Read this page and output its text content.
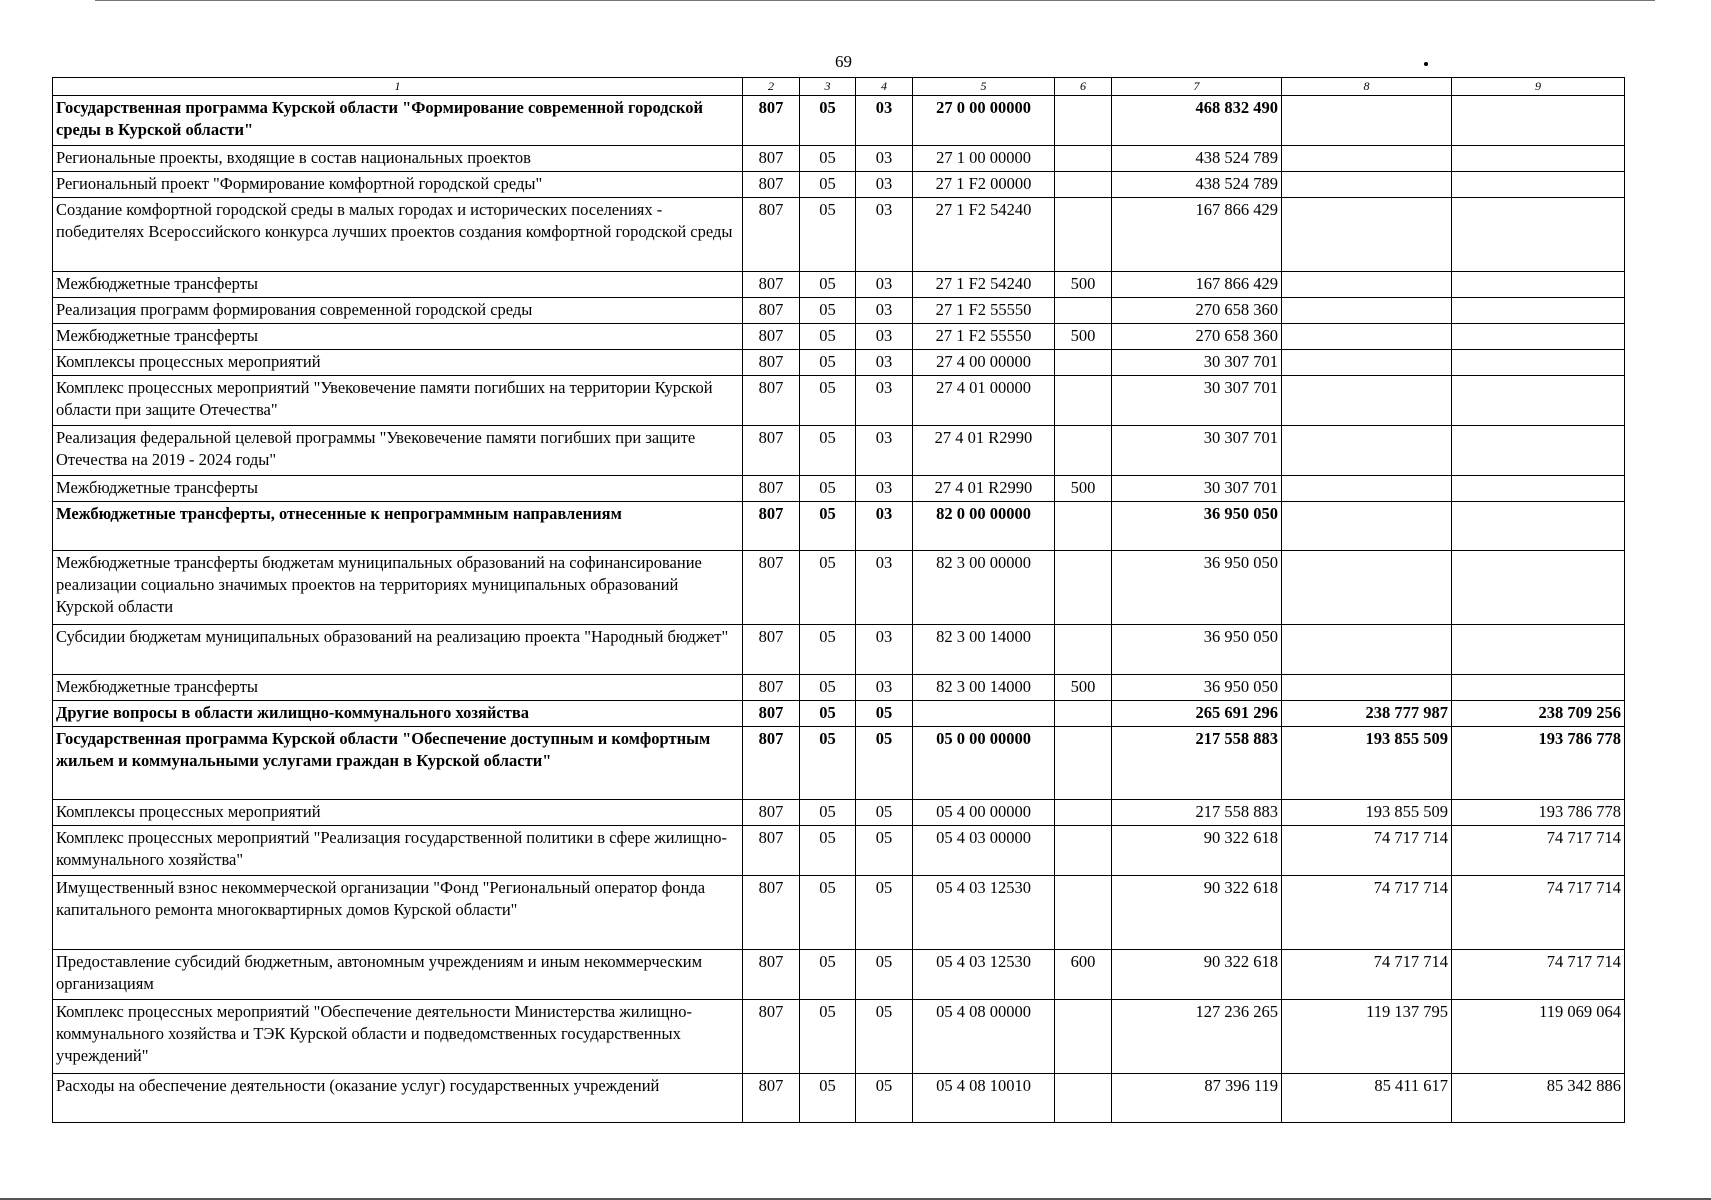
69
1	2	3	4	5	6	7	8	9
Государственная программа Курской области "Формирование современной городской среды в Курской области"	807	05	03	27 0 00 00000		468 832 490		
Региональные проекты, входящие в состав национальных проектов	807	05	03	27 1 00 00000		438 524 789		
Региональный проект "Формирование комфортной городской среды"	807	05	03	27 1 F2 00000		438 524 789		
Создание комфортной городской среды в малых городах и исторических поселениях - победителях Всероссийского конкурса лучших проектов создания комфортной городской среды	807	05	03	27 1 F2 54240		167 866 429		
Межбюджетные трансферты	807	05	03	27 1 F2 54240	500	167 866 429		
Реализация программ формирования современной городской среды	807	05	03	27 1 F2 55550		270 658 360		
Межбюджетные трансферты	807	05	03	27 1 F2 55550	500	270 658 360		
Комплексы процессных мероприятий	807	05	03	27 4 00 00000		30 307 701		
Комплекс процессных мероприятий "Увековечение памяти погибших на территории Курской области при защите Отечества"	807	05	03	27 4 01 00000		30 307 701		
Реализация федеральной целевой программы "Увековечение памяти погибших при защите Отечества на 2019 - 2024 годы"	807	05	03	27 4 01 R2990		30 307 701		
Межбюджетные трансферты	807	05	03	27 4 01 R2990	500	30 307 701		
Межбюджетные трансферты, отнесенные к непрограммным направлениям	807	05	03	82 0 00 00000		36 950 050		
Межбюджетные трансферты бюджетам муниципальных образований на софинансирование реализации социально значимых проектов на территориях муниципальных образований Курской области	807	05	03	82 3 00 00000		36 950 050		
Субсидии бюджетам муниципальных образований на реализацию проекта "Народный бюджет"	807	05	03	82 3 00 14000		36 950 050		
Межбюджетные трансферты	807	05	03	82 3 00 14000	500	36 950 050		
Другие вопросы в области жилищно-коммунального хозяйства	807	05	05			265 691 296	238 777 987	238 709 256
Государственная программа Курской области "Обеспечение доступным и комфортным жильем и коммунальными услугами граждан в Курской области"	807	05	05	05 0 00 00000		217 558 883	193 855 509	193 786 778
Комплексы процессных мероприятий	807	05	05	05 4 00 00000		217 558 883	193 855 509	193 786 778
Комплекс процессных мероприятий "Реализация государственной политики в сфере жилищно-коммунального хозяйства"	807	05	05	05 4 03 00000		90 322 618	74 717 714	74 717 714
Имущественный взнос некоммерческой организации "Фонд "Региональный оператор фонда капитального ремонта многоквартирных домов Курской области"	807	05	05	05 4 03 12530		90 322 618	74 717 714	74 717 714
Предоставление субсидий бюджетным, автономным учреждениям и иным некоммерческим организациям	807	05	05	05 4 03 12530	600	90 322 618	74 717 714	74 717 714
Комплекс процессных мероприятий "Обеспечение деятельности Министерства жилищно-коммунального хозяйства и ТЭК Курской области и подведомственных государственных учреждений"	807	05	05	05 4 08 00000		127 236 265	119 137 795	119 069 064
Расходы на обеспечение деятельности (оказание услуг) государственных учреждений	807	05	05	05 4 08 10010		87 396 119	85 411 617	85 342 886
